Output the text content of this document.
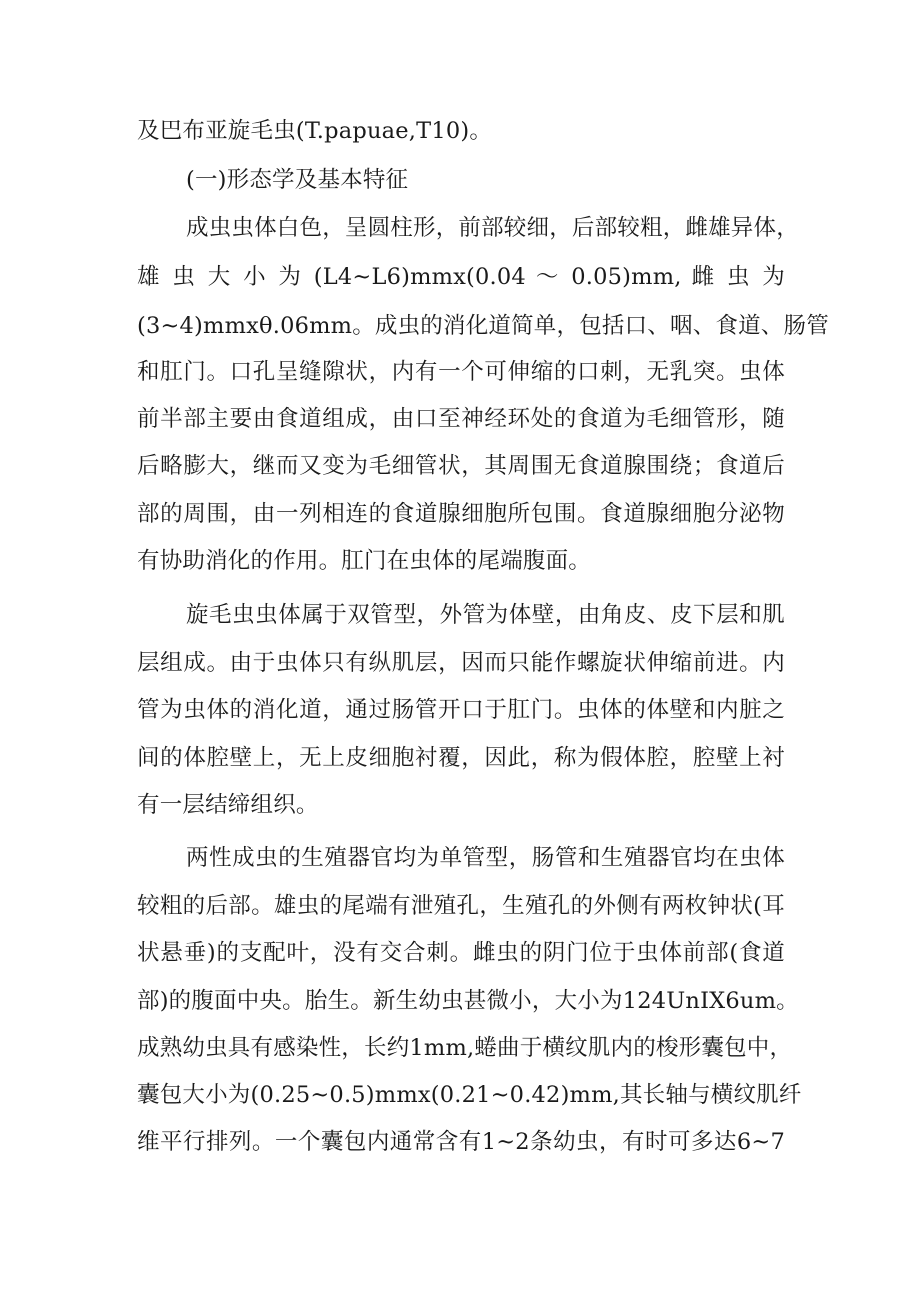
及巴布亚旋毛虫(T.papuae,T10)。
(一)形态学及基本特征
成虫虫体白色，呈圆柱形，前部较细，后部较粗，雌雄异体，
雄 虫 大 小 为 (L4~L6)mmx(0.04 ～ 0.05)mm, 雌 虫 为
(3~4)mmxθ.06mm。成虫的消化道简单，包括口、咽、食道、肠管
和肛门。口孔呈缝隙状，内有一个可伸缩的口刺，无乳突。虫体
前半部主要由食道组成，由口至神经环处的食道为毛细管形，随
后略膨大，继而又变为毛细管状，其周围无食道腺围绕；食道后
部的周围，由一列相连的食道腺细胞所包围。食道腺细胞分泌物
有协助消化的作用。肛门在虫体的尾端腹面。
旋毛虫虫体属于双管型，外管为体壁，由角皮、皮下层和肌
层组成。由于虫体只有纵肌层，因而只能作螺旋状伸缩前进。内
管为虫体的消化道，通过肠管开口于肛门。虫体的体壁和内脏之
间的体腔壁上，无上皮细胞衬覆，因此，称为假体腔，腔壁上衬
有一层结缔组织。
两性成虫的生殖器官均为单管型，肠管和生殖器官均在虫体
较粗的后部。雄虫的尾端有泄殖孔，生殖孔的外侧有两枚钟状(耳
状悬垂)的支配叶，没有交合刺。雌虫的阴门位于虫体前部(食道
部)的腹面中央。胎生。新生幼虫甚微小，大小为124UnIX6um。
成熟幼虫具有感染性，长约1mm,蜷曲于横纹肌内的梭形囊包中，
囊包大小为(0.25~0.5)mmx(0.21~0.42)mm,其长轴与横纹肌纤
维平行排列。一个囊包内通常含有1~2条幼虫，有时可多达6~7
